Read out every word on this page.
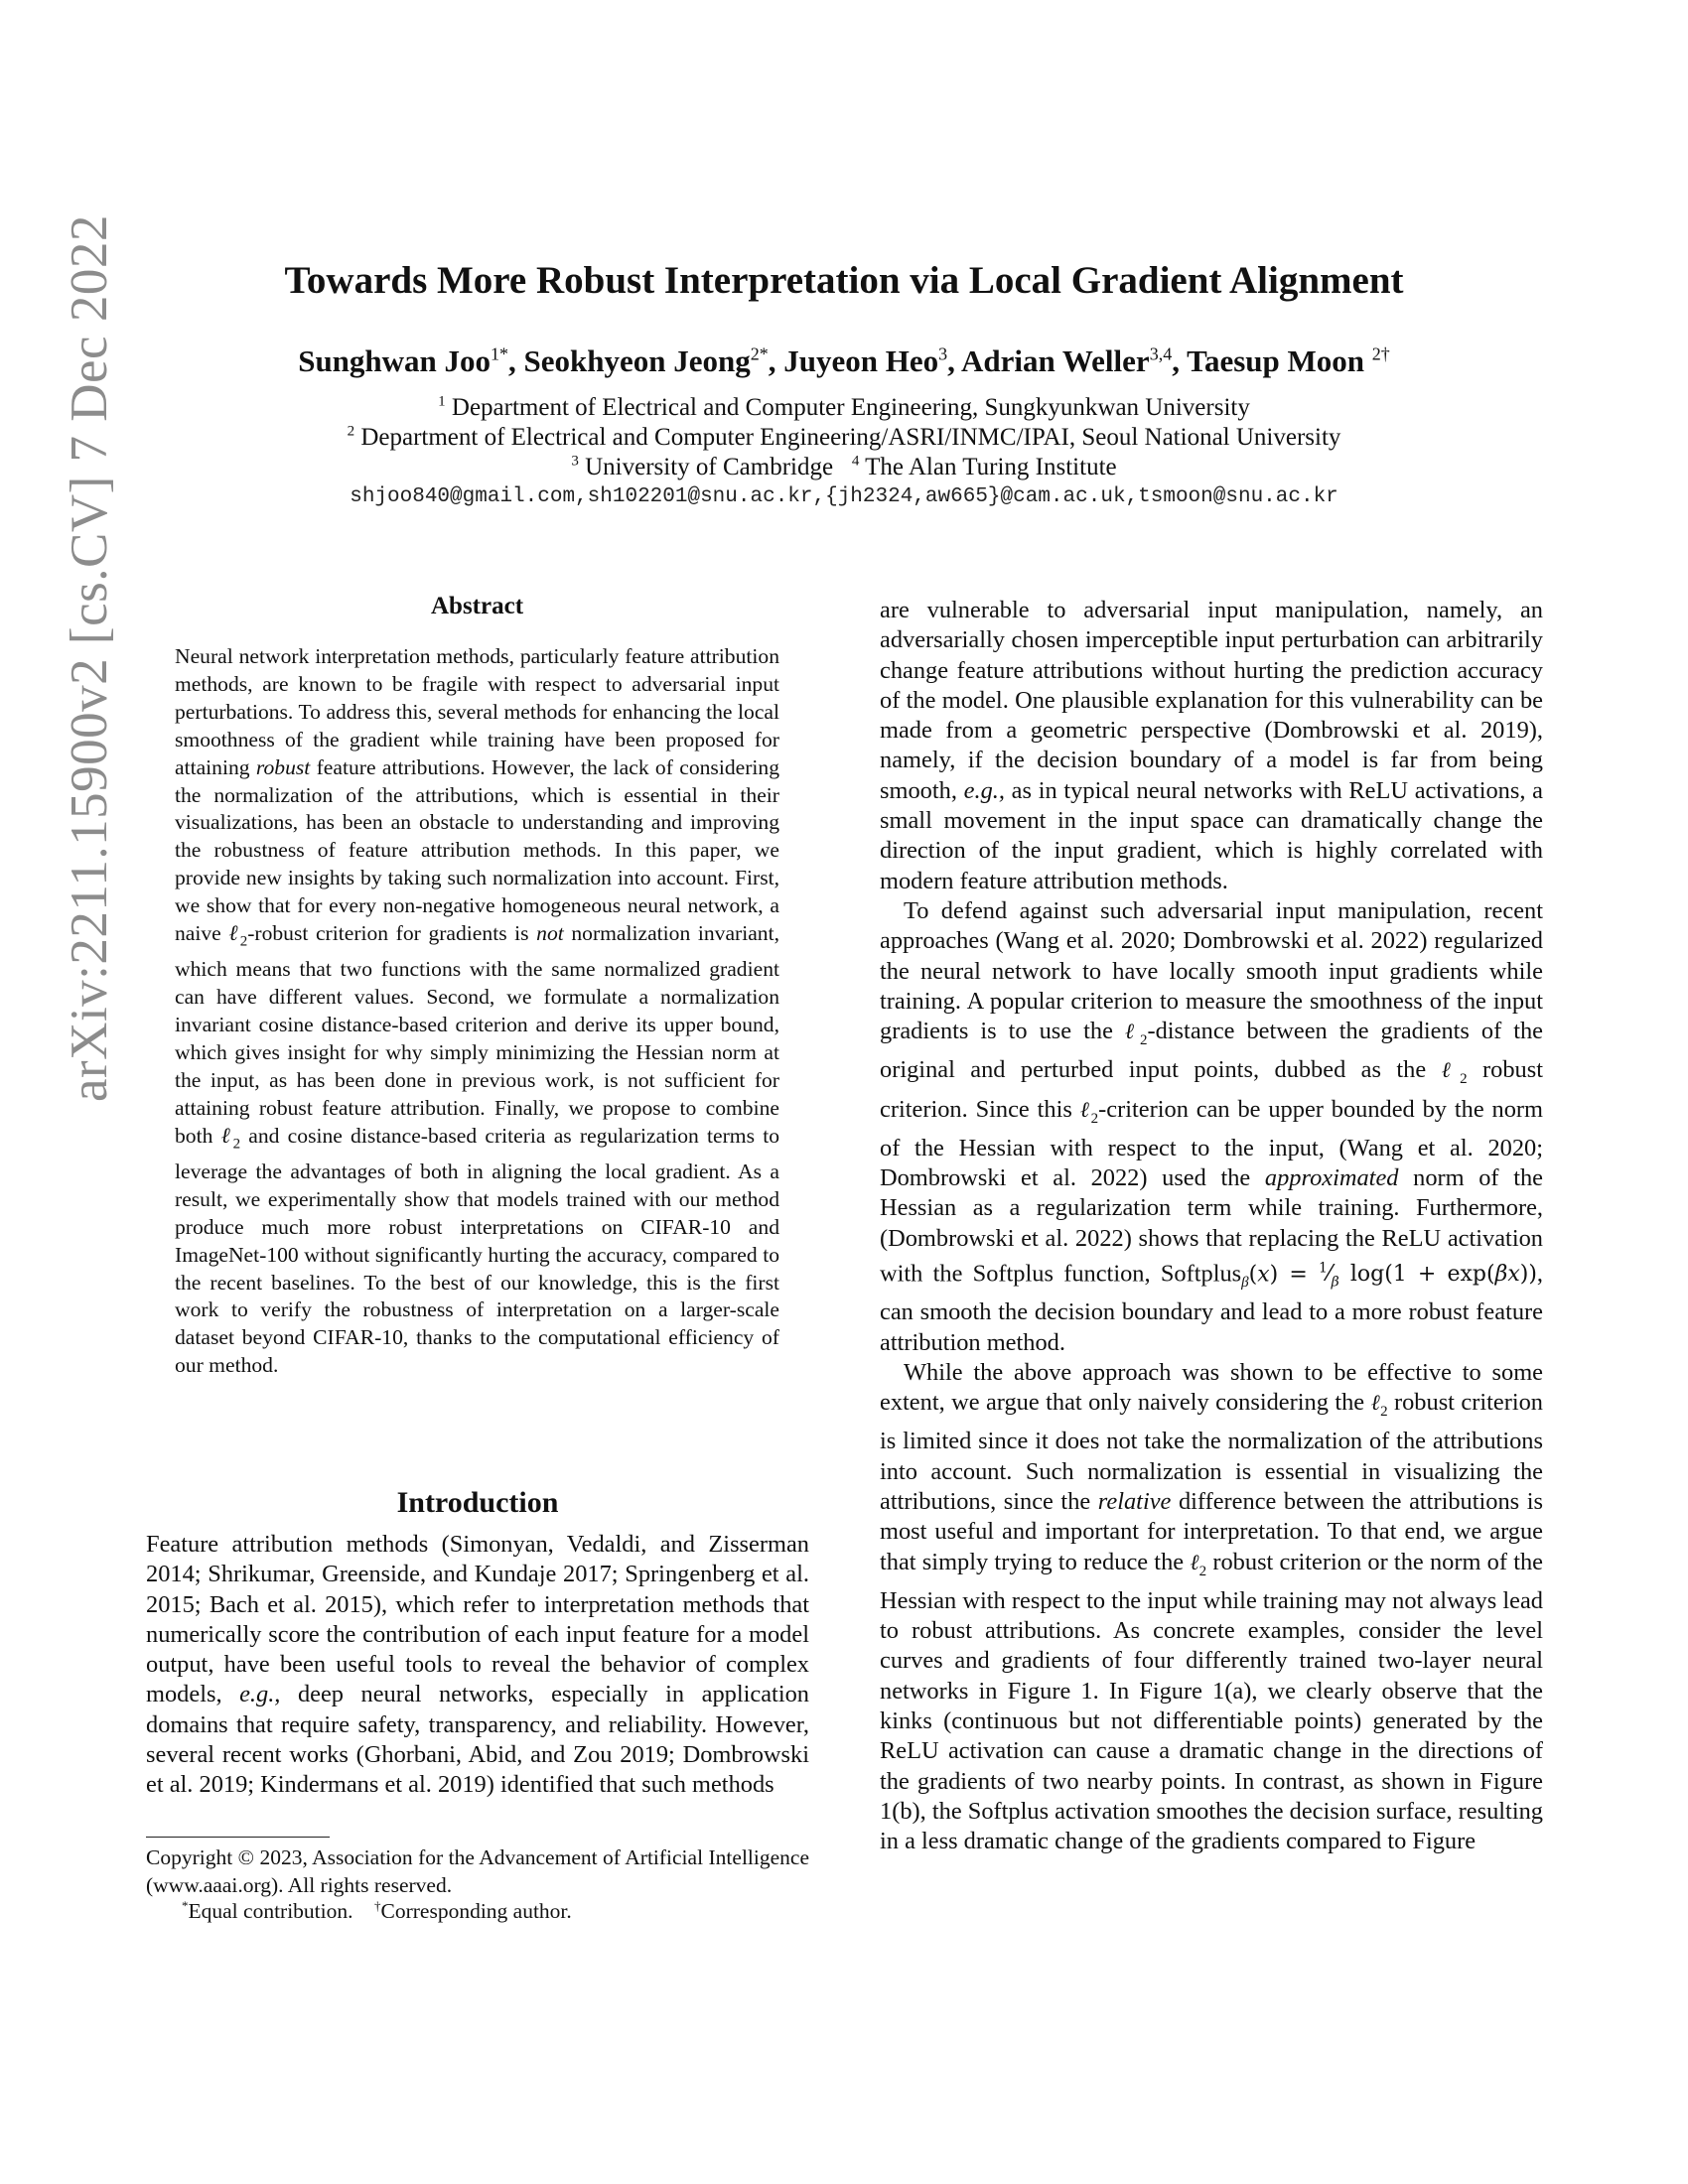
arXiv:2211.15900v2 [cs.CV] 7 Dec 2022	Towards More Robust Interpretation via Local Gradient Alignment
Sunghwan Joo$^{1*}$, Seokhyeon Jeong$^{2*}$, Juyeon Heo$^3$, Adrian Weller$^{3,4}$, Taesup Moon $^{2\dagger}$
$^1$ Department of Electrical and Computer Engineering, Sungkyunkwan University
$^2$ Department of Electrical and Computer Engineering/ASRI/INMC/IPAI, Seoul National University
$^3$ University of Cambridge $^4$ The Alan Turing Institute
shjoo840@gmail.com,sh102201@snu.ac.kr,{jh2324,aw665}@cam.ac.uk,tsmoon@snu.ac.kr
Abstract
Neural network interpretation methods, particularly feature attribution methods, are known to be fragile with respect to adversarial input perturbations. To address this, several methods for enhancing the local smoothness of the gradient while training have been proposed for attaining robust feature attributions. However, the lack of considering the normalization of the attributions, which is essential in their visualizations, has been an obstacle to understanding and improving the robustness of feature attribution methods. In this paper, we provide new insights by taking such normalization into account. First, we show that for every non-negative homogeneous neural network, a naive ℓ$_2$-robust criterion for gradients is not normalization invariant, which means that two functions with the same normalized gradient can have different values. Second, we formulate a normalization invariant cosine distance-based criterion and derive its upper bound, which gives insight for why simply minimizing the Hessian norm at the input, as has been done in previous work, is not sufficient for attaining robust feature attribution. Finally, we propose to combine both ℓ$_2$ and cosine distance-based criteria as regularization terms to leverage the advantages of both in aligning the local gradient. As a result, we experimentally show that models trained with our method produce much more robust interpretations on CIFAR-10 and ImageNet-100 without significantly hurting the accuracy, compared to the recent baselines. To the best of our knowledge, this is the first work to verify the robustness of interpretation on a larger-scale dataset beyond CIFAR-10, thanks to the computational efficiency of our method.
Introduction
Feature attribution methods (Simonyan, Vedaldi, and Zisserman 2014; Shrikumar, Greenside, and Kundaje 2017; Springenberg et al. 2015; Bach et al. 2015), which refer to interpretation methods that numerically score the contribution of each input feature for a model output, have been useful tools to reveal the behavior of complex models, e.g., deep neural networks, especially in application domains that require safety, transparency, and reliability. However, several recent works (Ghorbani, Abid, and Zou 2019; Dombrowski et al. 2019; Kindermans et al. 2019) identified that such methods
Copyright © 2023, Association for the Advancement of Artificial Intelligence (www.aaai.org). All rights reserved.
*Equal contribution. †Corresponding author.

are vulnerable to adversarial input manipulation, namely, an adversarially chosen imperceptible input perturbation can arbitrarily change feature attributions without hurting the prediction accuracy of the model. One plausible explanation for this vulnerability can be made from a geometric perspective (Dombrowski et al. 2019), namely, if the decision boundary of a model is far from being smooth, e.g., as in typical neural networks with ReLU activations, a small movement in the input space can dramatically change the direction of the input gradient, which is highly correlated with modern feature attribution methods.

To defend against such adversarial input manipulation, recent approaches (Wang et al. 2020; Dombrowski et al. 2022) regularized the neural network to have locally smooth input gradients while training. A popular criterion to measure the smoothness of the input gradients is to use the ℓ$_2$-distance between the gradients of the original and perturbed input points, dubbed as the ℓ$_2$ robust criterion. Since this ℓ$_2$-criterion can be upper bounded by the norm of the Hessian with respect to the input, (Wang et al. 2020; Dombrowski et al. 2022) used the approximated norm of the Hessian as a regularization term while training. Furthermore, (Dombrowski et al. 2022) shows that replacing the ReLU activation with the Softplus function, Softplus$_\beta$(x) = $^1⁄_\beta$ log(1 + exp(βx)), can smooth the decision boundary and lead to a more robust feature attribution method.

While the above approach was shown to be effective to some extent, we argue that only naively considering the ℓ$_2$ robust criterion is limited since it does not take the normalization of the attributions into account. Such normalization is essential in visualizing the attributions, since the relative difference between the attributions is most useful and important for interpretation. To that end, we argue that simply trying to reduce the ℓ$_2$ robust criterion or the norm of the Hessian with respect to the input while training may not always lead to robust attributions. As concrete examples, consider the level curves and gradients of four differently trained two-layer neural networks in Figure 1. In Figure 1(a), we clearly observe that the kinks (continuous but not differentiable points) generated by the ReLU activation can cause a dramatic change in the directions of the gradients of two nearby points. In contrast, as shown in Figure 1(b), the Softplus activation smoothes the decision surface, resulting in a less dramatic change of the gradients compared to Figure
